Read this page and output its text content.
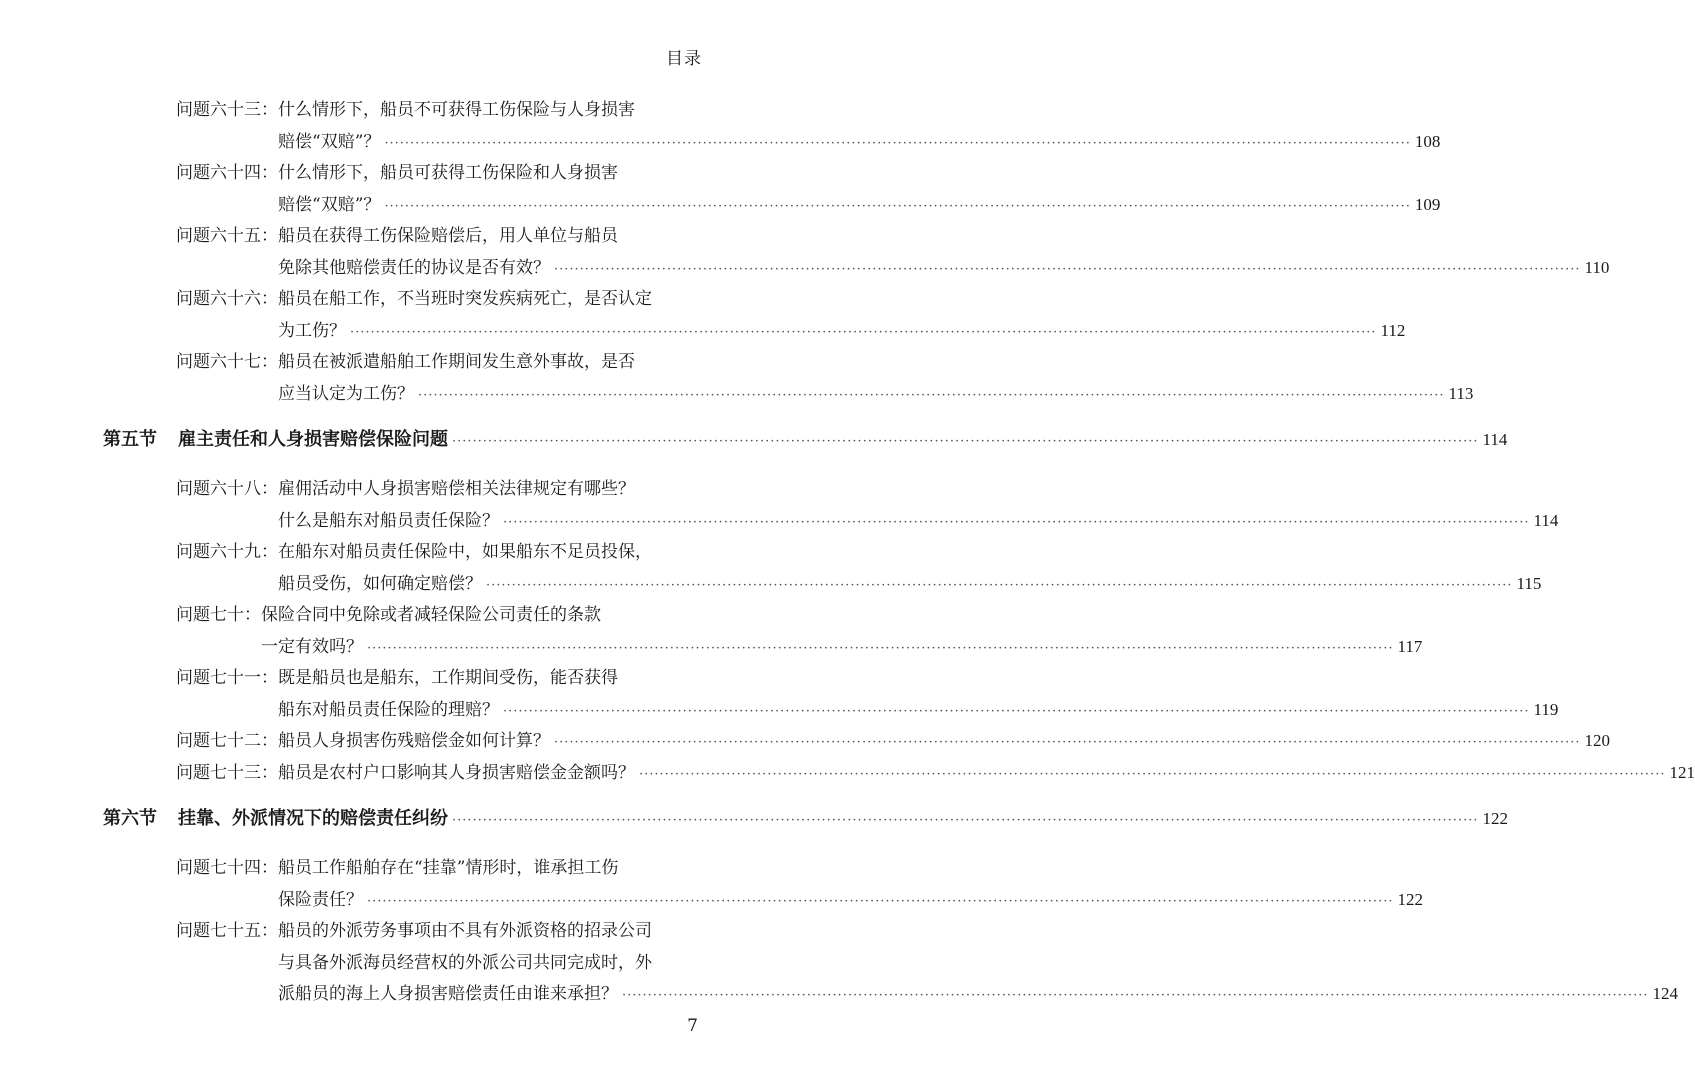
目录
问题六十三： 什么情形下，船员不可获得工伤保险与人身损害
赔偿“双赔”？ ········································································································································································································ 108
问题六十四： 什么情形下，船员可获得工伤保险和人身损害
赔偿“双赔”？ ········································································································································································································ 109
问题六十五： 船员在获得工伤保险赔偿后，用人单位与船员
免除其他赔偿责任的协议是否有效？ ········································································································································································································ 110
问题六十六： 船员在船工作，不当班时突发疾病死亡，是否认定
为工伤？ ········································································································································································································ 112
问题六十七： 船员在被派遣船舶工作期间发生意外事故，是否
应当认定为工伤？ ········································································································································································································ 113
第五节	雇主责任和人身损害赔偿保险问题 ········································································································································································································ 114
问题六十八： 雇佣活动中人身损害赔偿相关法律规定有哪些？
什么是船东对船员责任保险？ ········································································································································································································ 114
问题六十九： 在船东对船员责任保险中，如果船东不足员投保，
船员受伤，如何确定赔偿？ ········································································································································································································ 115
问题七十： 保险合同中免除或者减轻保险公司责任的条款
一定有效吗？ ········································································································································································································ 117
问题七十一： 既是船员也是船东，工作期间受伤，能否获得
船东对船员责任保险的理赔？ ········································································································································································································ 119
问题七十二： 船员人身损害伤残赔偿金如何计算？ ········································································································································································································ 120
问题七十三： 船员是农村户口影响其人身损害赔偿金金额吗？ ········································································································································································································ 121
第六节	挂靠、外派情况下的赔偿责任纠纷 ········································································································································································································ 122
问题七十四： 船员工作船舶存在“挂靠”情形时，谁承担工伤
保险责任？ ········································································································································································································ 122
问题七十五： 船员的外派劳务事项由不具有外派资格的招录公司
与具备外派海员经营权的外派公司共同完成时，外
派船员的海上人身损害赔偿责任由谁来承担？ ········································································································································································································ 124
7
